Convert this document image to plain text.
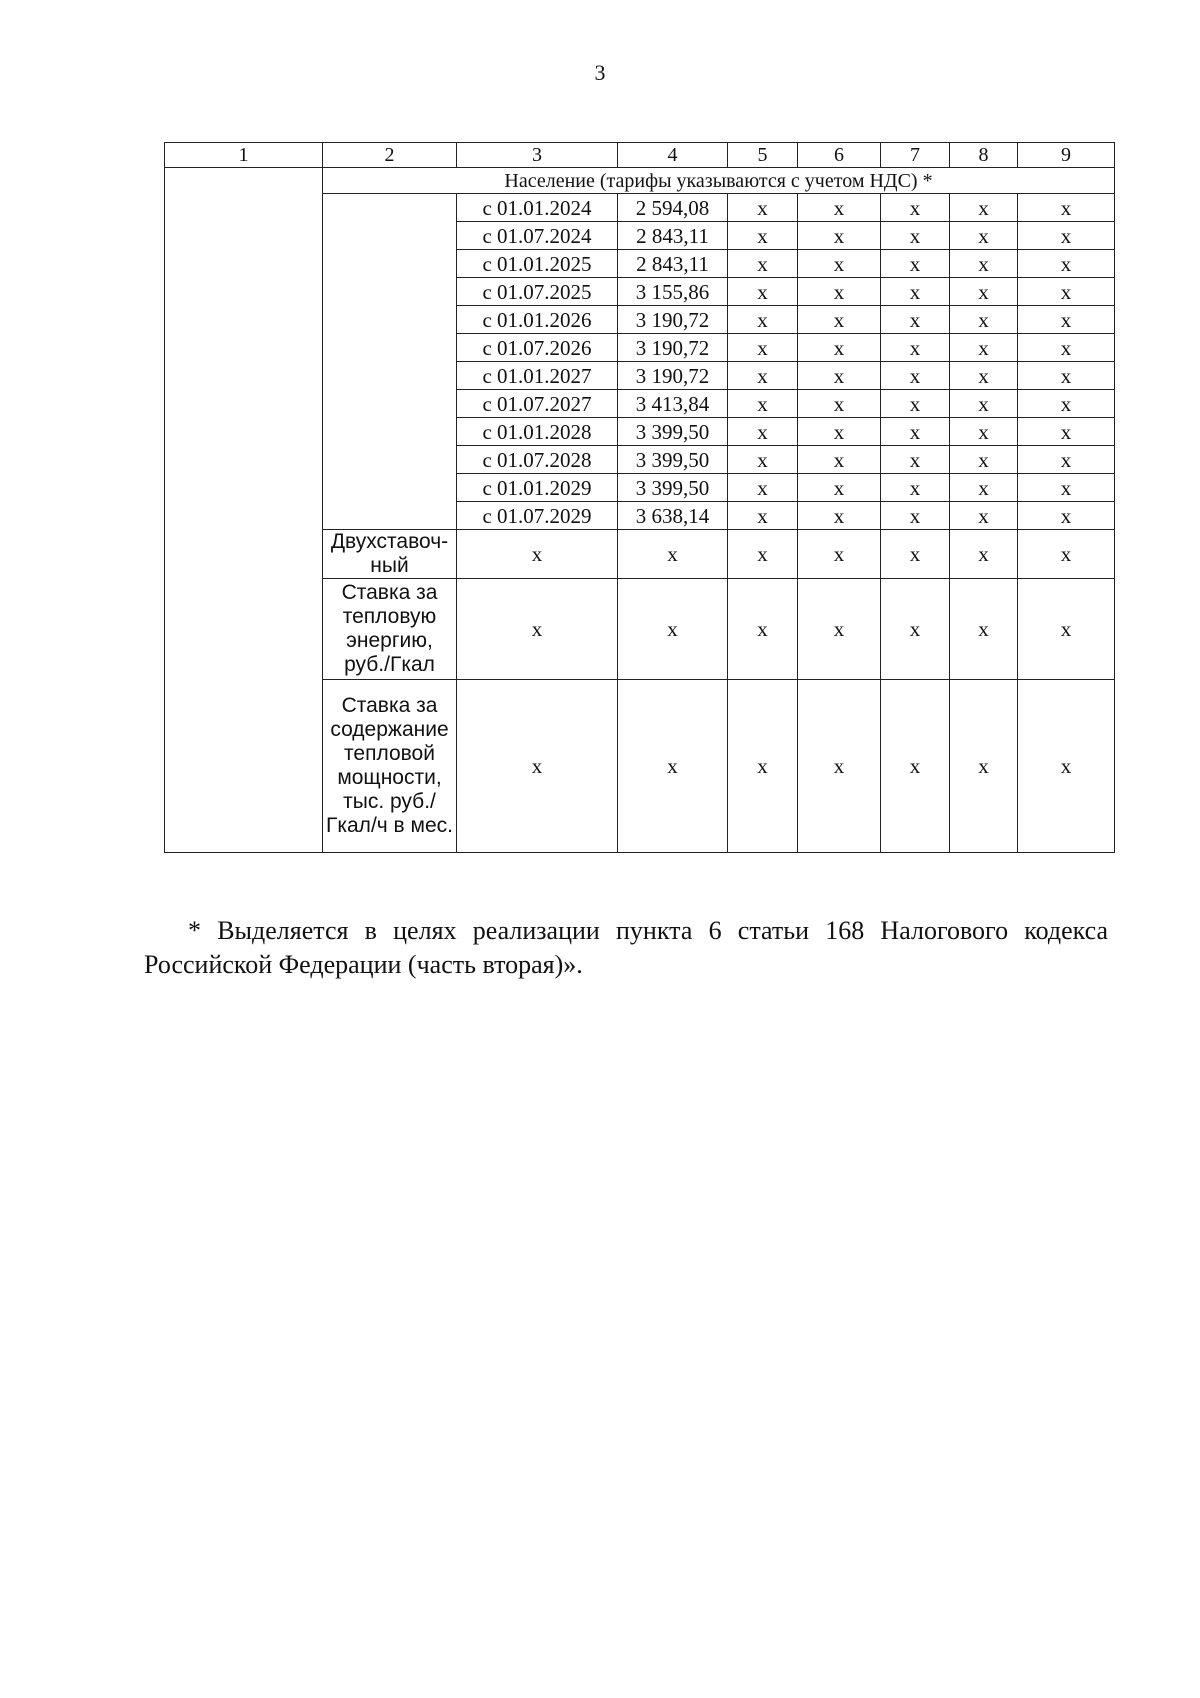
3
1	2	3	4	5	6	7	8	9
	Население (тарифы указываются с учетом НДС) *							
		с 01.01.2024	2 594,08	х	х	х	х	х
		с 01.07.2024	2 843,11	х	х	х	х	х
		с 01.01.2025	2 843,11	х	х	х	х	х
		с 01.07.2025	3 155,86	х	х	х	х	х
		с 01.01.2026	3 190,72	х	х	х	х	х
		с 01.07.2026	3 190,72	х	х	х	х	х
		с 01.01.2027	3 190,72	х	х	х	х	х
		с 01.07.2027	3 413,84	х	х	х	х	х
		с 01.01.2028	3 399,50	х	х	х	х	х
		с 01.07.2028	3 399,50	х	х	х	х	х
		с 01.01.2029	3 399,50	х	х	х	х	х
		с 01.07.2029	3 638,14	х	х	х	х	х
	Двухставоч-ный	х	х	х	х	х	х	х
	Ставка за тепловую энергию, руб./Гкал	х	х	х	х	х	х	х
	Ставка за содержание тепловой мощности, тыс. руб./Гкал/ч в мес.	х	х	х	х	х	х	х

* Выделяется в целях реализации пункта 6 статьи 168 Налогового кодекса Российской Федерации (часть вторая)».
